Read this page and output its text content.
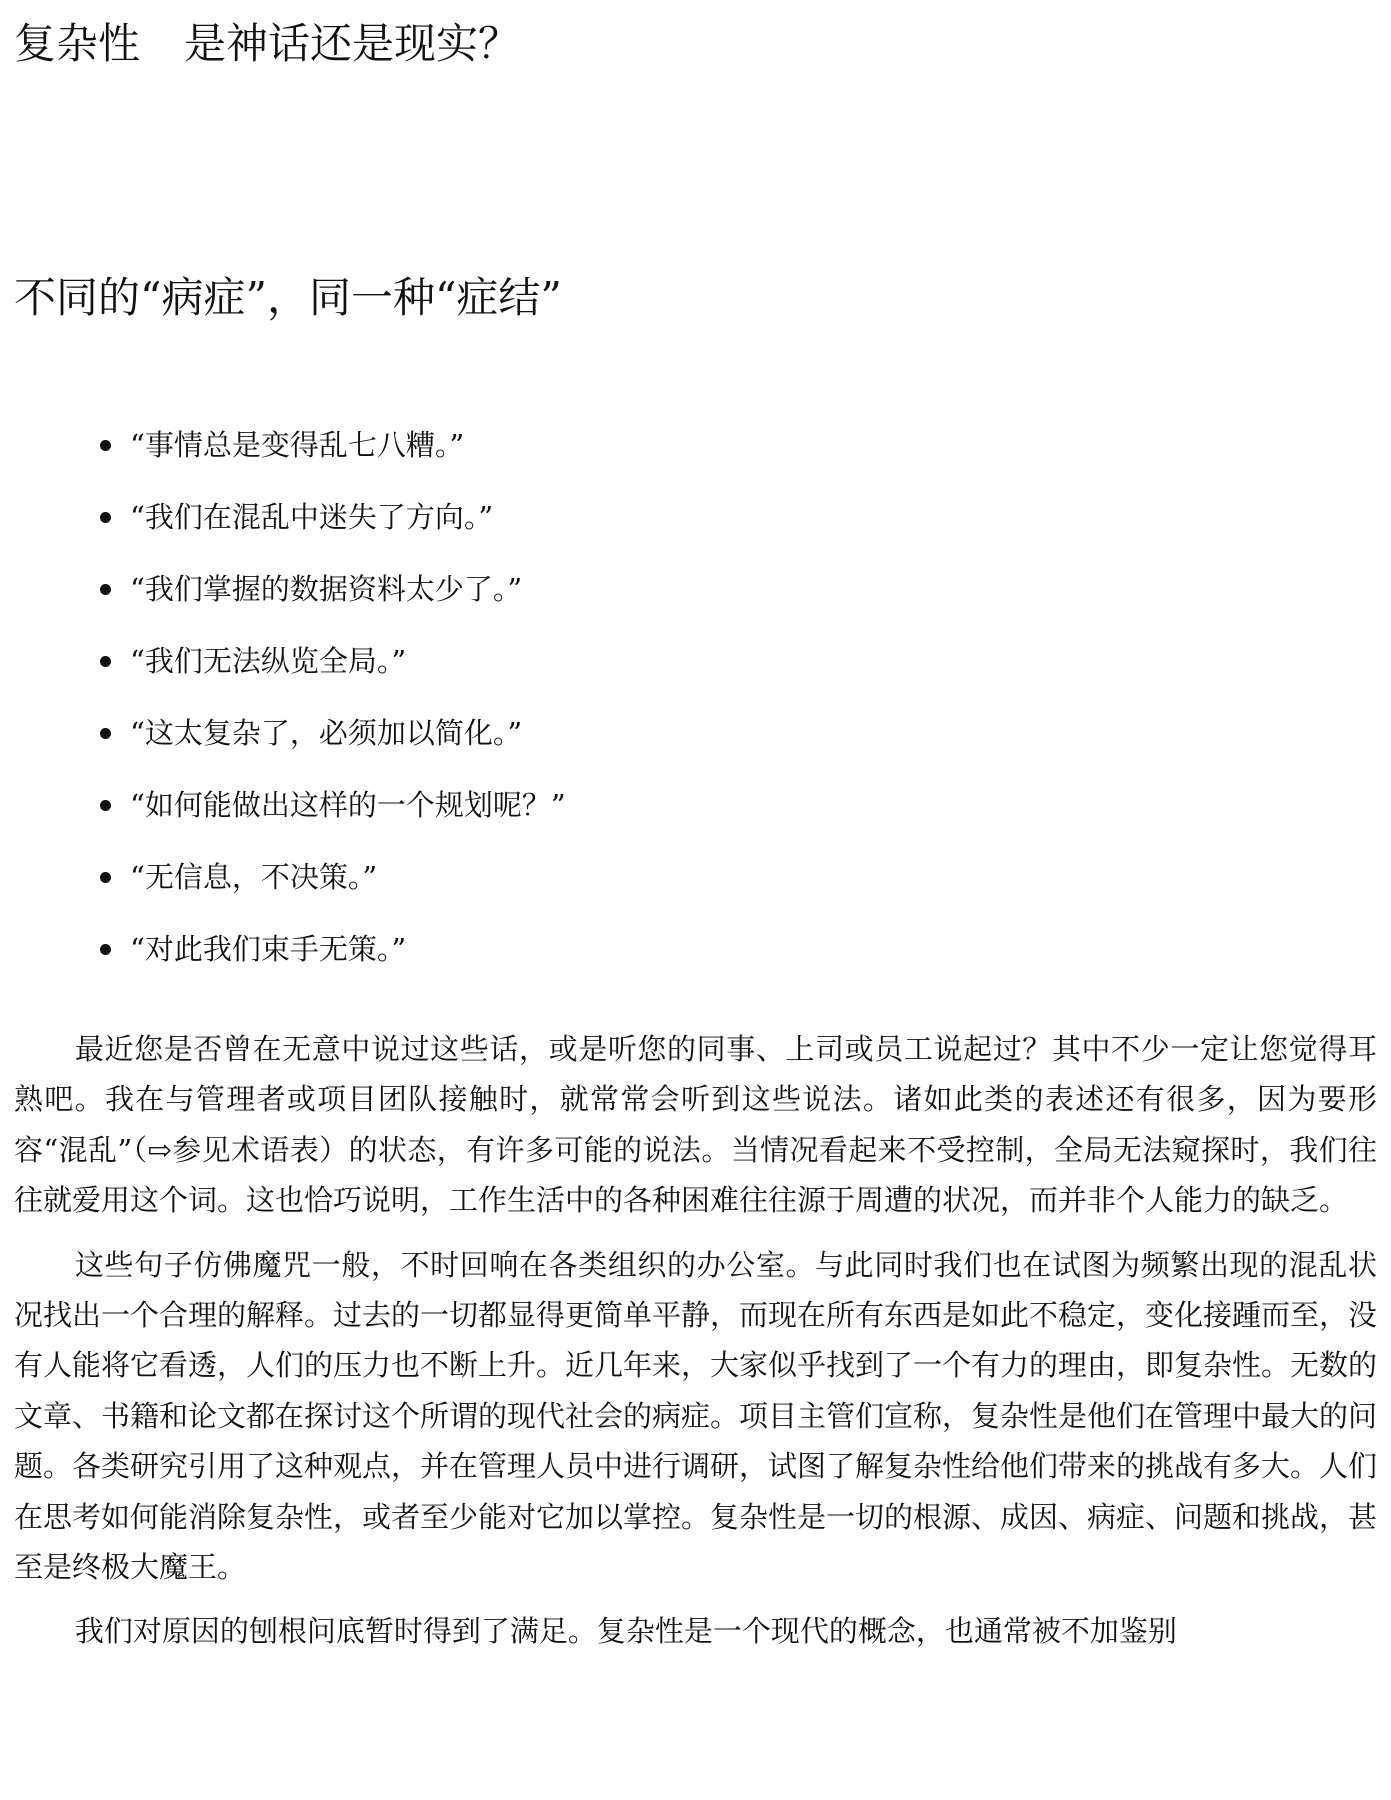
复杂性 是神话还是现实？
不同的“病症”，同一种“症结”
“事情总是变得乱七八糟。”
“我们在混乱中迷失了方向。”
“我们掌握的数据资料太少了。”
“我们无法纵览全局。”
“这太复杂了，必须加以简化。”
“如何能做出这样的一个规划呢？”
“无信息，不决策。”
“对此我们束手无策。”

最近您是否曾在无意中说过这些话，或是听您的同事、上司或员工说起过？其中不少一定让您觉得耳熟吧。我在与管理者或项目团队接触时，就常常会听到这些说法。诸如此类的表述还有很多，因为要形容“混乱”（⇨参见术语表）的状态，有许多可能的说法。当情况看起来不受控制，全局无法窥探时，我们往往就爱用这个词。这也恰巧说明，工作生活中的各种困难往往源于周遭的状况，而并非个人能力的缺乏。

这些句子仿佛魔咒一般，不时回响在各类组织的办公室。与此同时我们也在试图为频繁出现的混乱状况找出一个合理的解释。过去的一切都显得更简单平静，而现在所有东西是如此不稳定，变化接踵而至，没有人能将它看透，人们的压力也不断上升。近几年来，大家似乎找到了一个有力的理由，即复杂性。无数的文章、书籍和论文都在探讨这个所谓的现代社会的病症。项目主管们宣称，复杂性是他们在管理中最大的问题。各类研究引用了这种观点，并在管理人员中进行调研，试图了解复杂性给他们带来的挑战有多大。人们在思考如何能消除复杂性，或者至少能对它加以掌控。复杂性是一切的根源、成因、病症、问题和挑战，甚至是终极大魔王。

我们对原因的刨根问底暂时得到了满足。复杂性是一个现代的概念，也通常被不加鉴别
